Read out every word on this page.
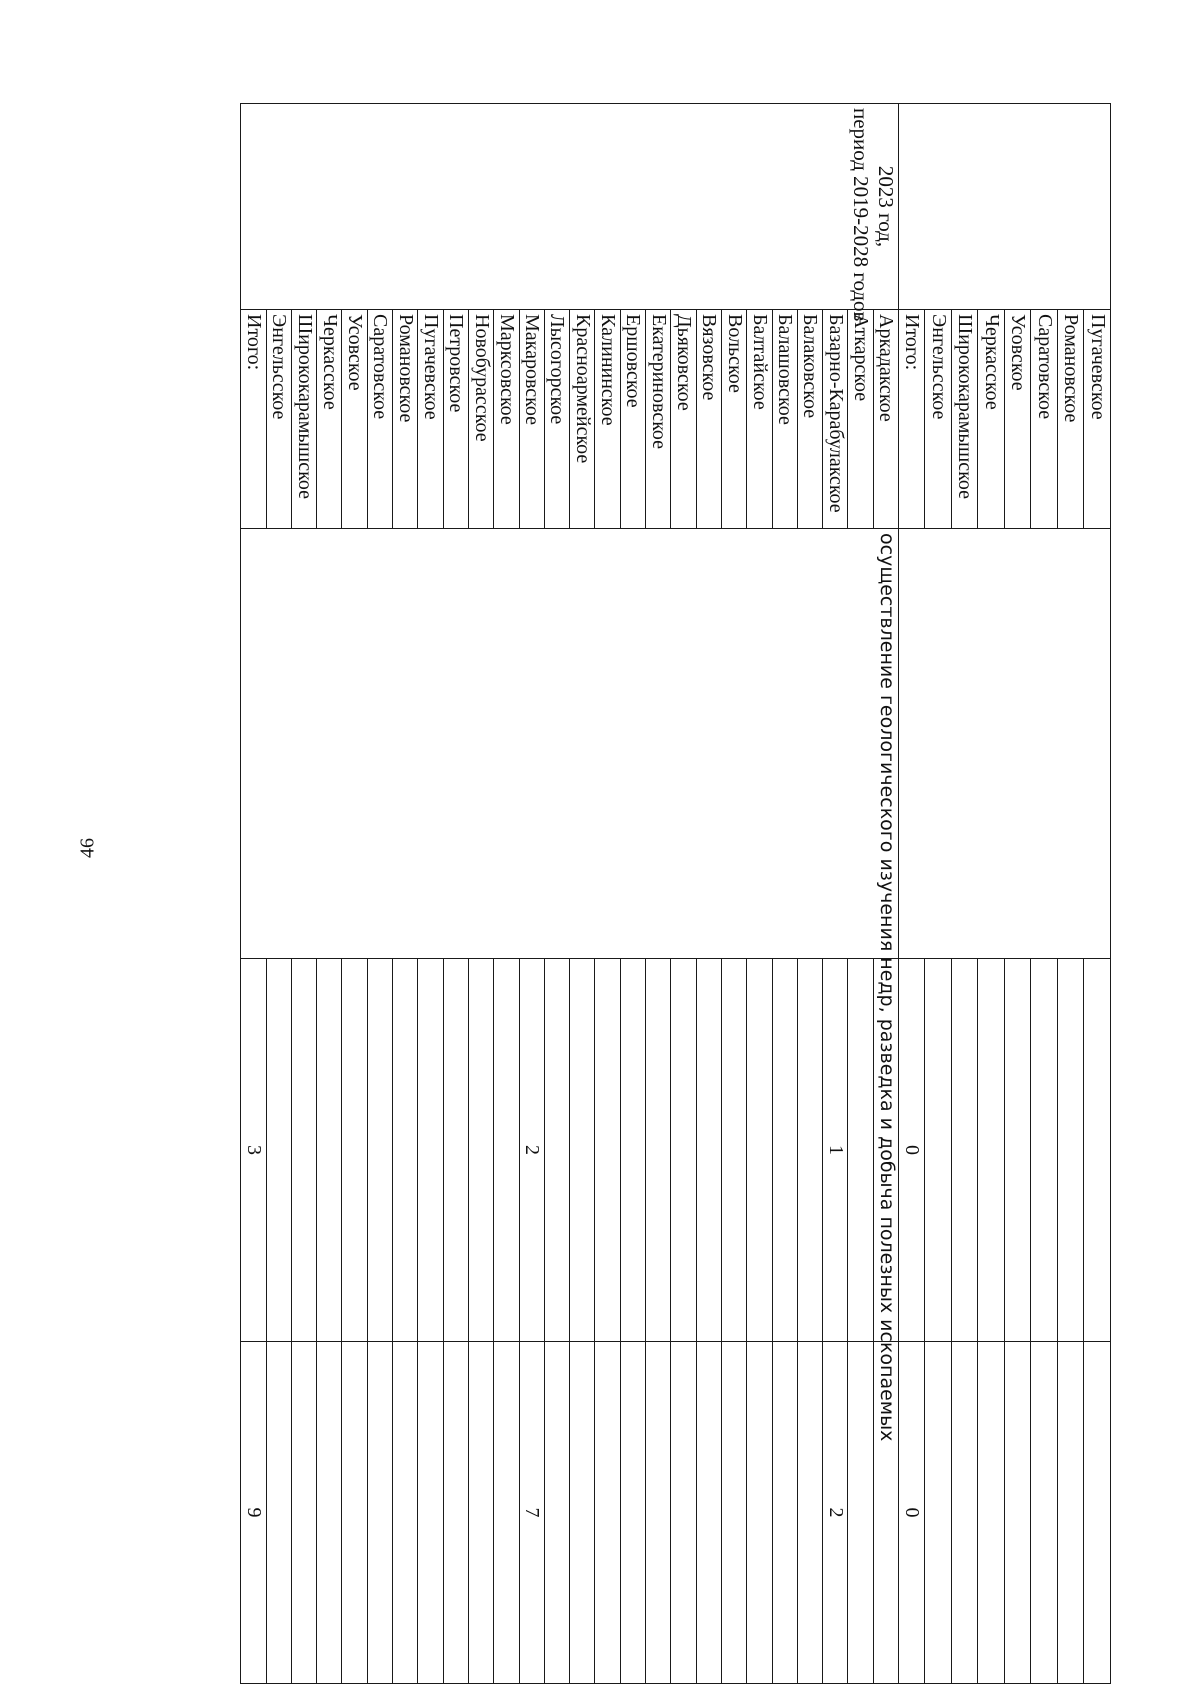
46
	Пугачевское			
	Романовское			
	Саратовское			
	Усовское			
	Черкасское			
	Ширококарамышское			
	Энгельсское			
	Итого:		0	0

2023 год,
период 2019-2028 годов	Аркадакское	осуществление геологического изучения недр, разведка и добыча полезных ископаемых		
	Аткарское			
	Базарно-Карабулакское		1	2
	Балаковское			
	Балашовское			
	Балтайское			
	Вольское			
	Вязовское			
	Дьяковское			
	Екатериновское			
	Ершовское			
	Калининское			
	Красноармейское			
	Лысогорское			
	Макаровское		2	7
	Марксовское			
	Новобурасское			
	Петровское			
	Пугачевское			
	Романовское			
	Саратовское			
	Усовское			
	Черкасское			
	Ширококарамышское			
	Энгельсское			
	Итого:		3	9
